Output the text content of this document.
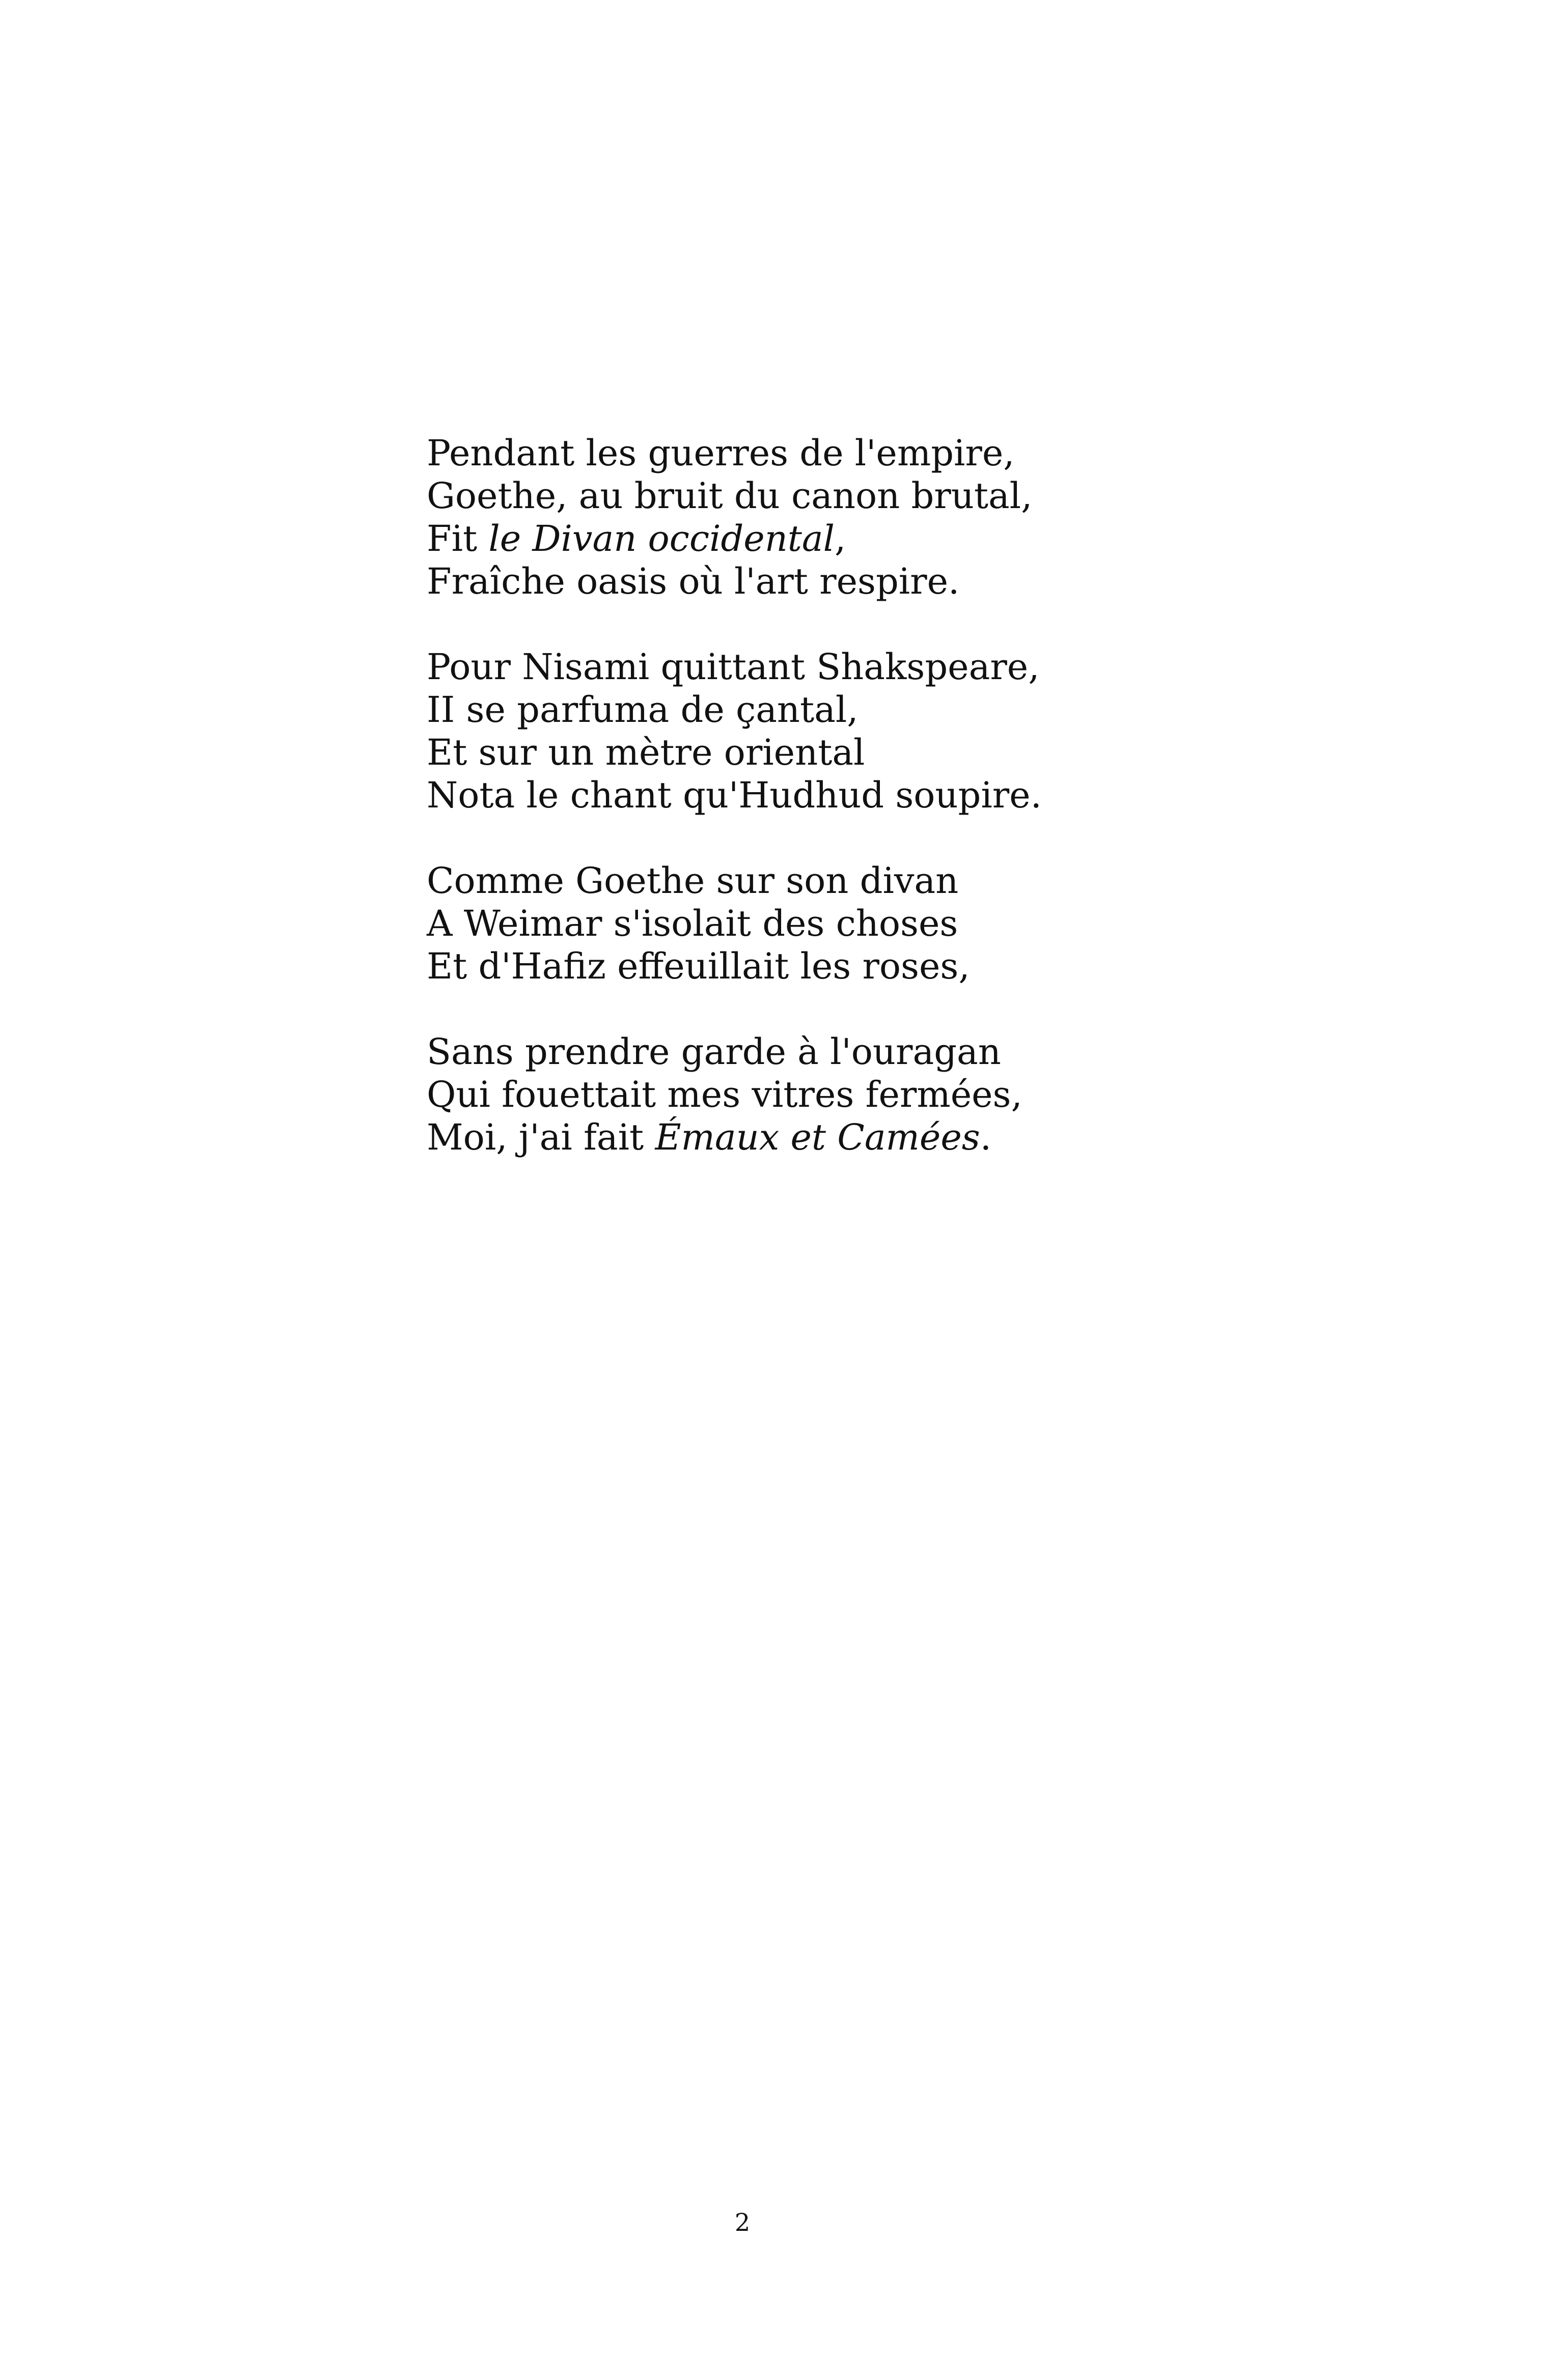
Pendant les guerres de l'empire,
Goethe, au bruit du canon brutal,
Fit le Divan occidental,
Fraîche oasis où l'art respire.
Pour Nisami quittant Shakspeare,
II se parfuma de çantal,
Et sur un mètre oriental
Nota le chant qu'Hudhud soupire.
Comme Goethe sur son divan
A Weimar s'isolait des choses
Et d'Hafiz effeuillait les roses,
Sans prendre garde à l'ouragan
Qui fouettait mes vitres fermées,
Moi, j'ai fait Émaux et Camées.
2
